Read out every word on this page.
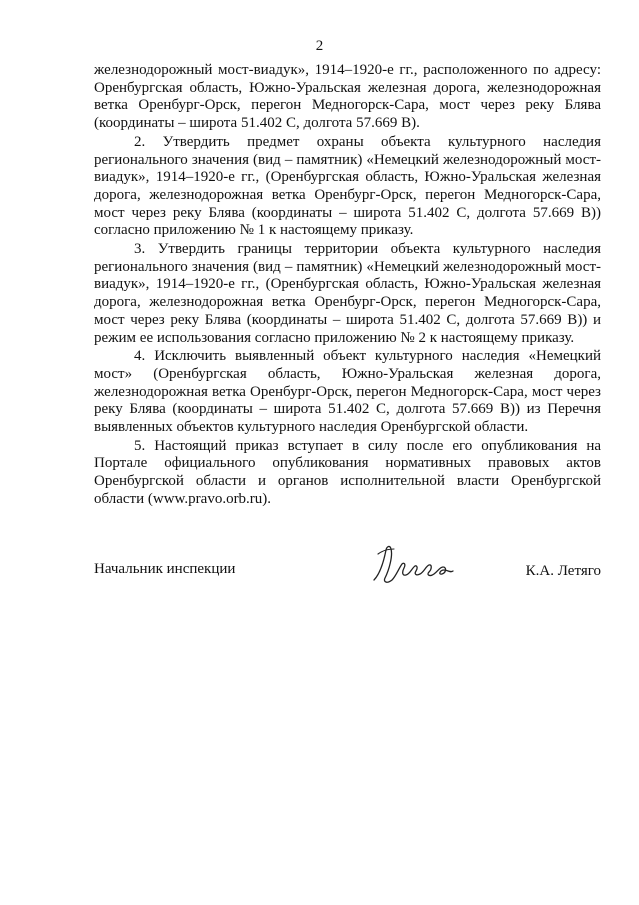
2

железнодорожный мост-виадук», 1914–1920-е гг., расположенного по адресу: Оренбургская область, Южно-Уральская железная дорога, железнодорожная ветка Оренбург-Орск, перегон Медногорск-Сара, мост через реку Блява (координаты – широта 51.402 С, долгота 57.669 В).

2. Утвердить предмет охраны объекта культурного наследия регионального значения (вид – памятник) «Немецкий железнодорожный мост-виадук», 1914–1920-е гг., (Оренбургская область, Южно-Уральская железная дорога, железнодорожная ветка Оренбург-Орск, перегон Медногорск-Сара, мост через реку Блява (координаты – широта 51.402 С, долгота 57.669 В)) согласно приложению № 1 к настоящему приказу.

3. Утвердить границы территории объекта культурного наследия регионального значения (вид – памятник) «Немецкий железнодорожный мост-виадук», 1914–1920-е гг., (Оренбургская область, Южно-Уральская железная дорога, железнодорожная ветка Оренбург-Орск, перегон Медногорск-Сара, мост через реку Блява (координаты – широта 51.402 С, долгота 57.669 В)) и режим ее использования согласно приложению № 2 к настоящему приказу.

4. Исключить выявленный объект культурного наследия «Немецкий мост» (Оренбургская область, Южно-Уральская железная дорога, железнодорожная ветка Оренбург-Орск, перегон Медногорск-Сара, мост через реку Блява (координаты – широта 51.402 С, долгота 57.669 В)) из Перечня выявленных объектов культурного наследия Оренбургской области.

5. Настоящий приказ вступает в силу после его опубликования на Портале официального опубликования нормативных правовых актов Оренбургской области и органов исполнительной власти Оренбургской области (www.pravo.orb.ru).

Начальник инспекции	К.А. Летяго
